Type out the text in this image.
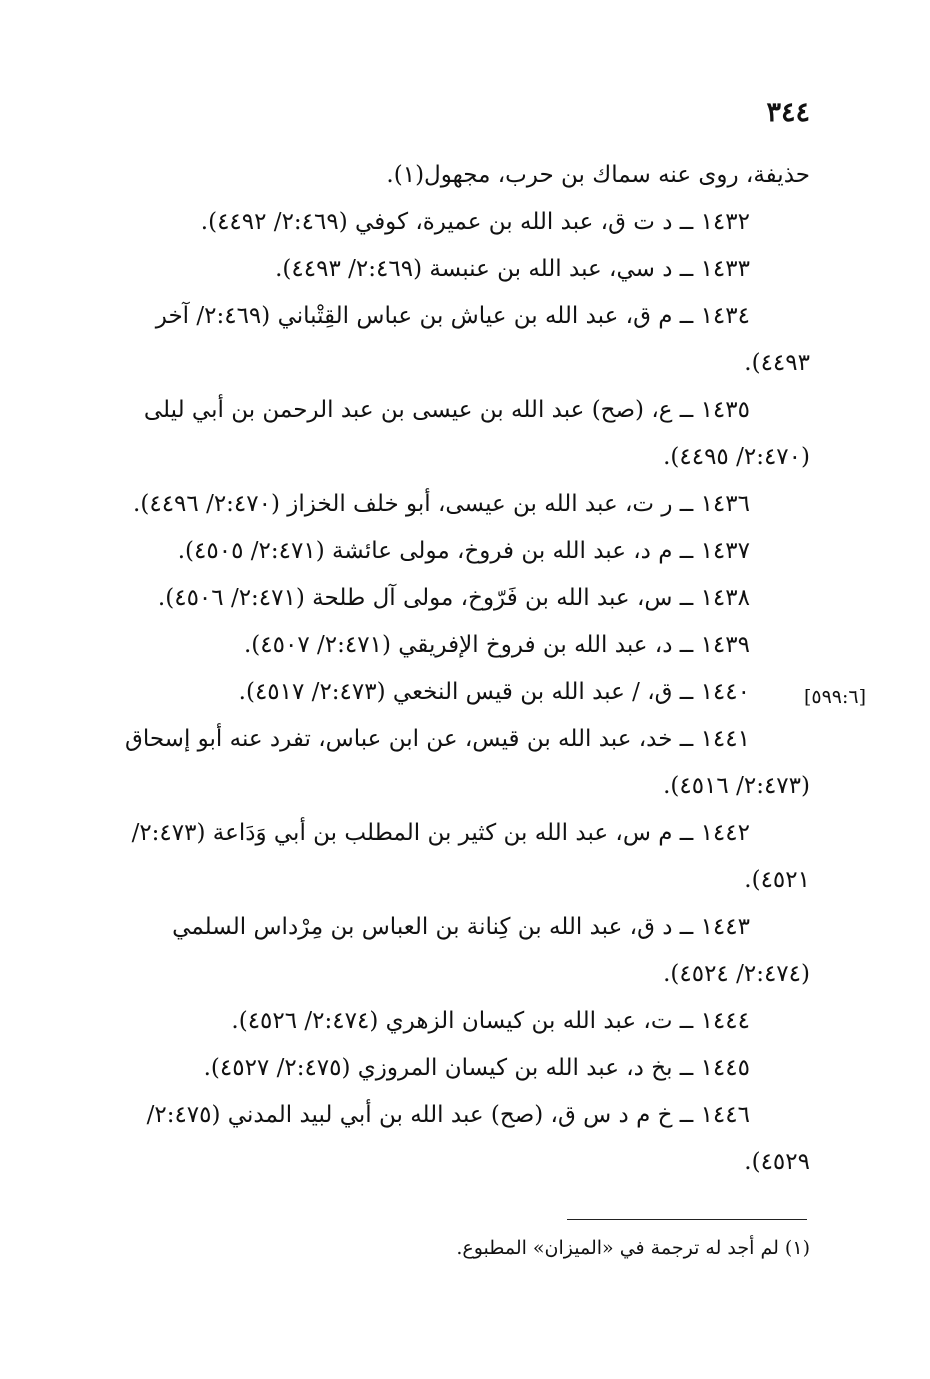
٣٤٤
حذيفة، روى عنه سماك بن حرب، مجهول(١).
١٤٣٢ ــ د ت ق، عبد الله بن عميرة، كوفي (٢:٤٦٩/ ٤٤٩٢).
١٤٣٣ ــ د سي، عبد الله بن عنبسة (٢:٤٦٩/ ٤٤٩٣).
١٤٣٤ ــ م ق، عبد الله بن عياش بن عباس القِتْباني (٢:٤٦٩/ آخر
٤٤٩٣).
١٤٣٥ ــ ع، (صح) عبد الله بن عيسى بن عبد الرحمن بن أبي ليلى
(٢:٤٧٠/ ٤٤٩٥).
١٤٣٦ ــ ر ت، عبد الله بن عيسى، أبو خلف الخزاز (٢:٤٧٠/ ٤٤٩٦).
١٤٣٧ ــ م د، عبد الله بن فروخ، مولى عائشة (٢:٤٧١/ ٤٥٠٥).
١٤٣٨ ــ س، عبد الله بن فَرّوخ، مولى آل طلحة (٢:٤٧١/ ٤٥٠٦).
١٤٣٩ ــ د، عبد الله بن فروخ الإفريقي (٢:٤٧١/ ٤٥٠٧).
١٤٤٠ ــ ق، / عبد الله بن قيس النخعي (٢:٤٧٣/ ٤٥١٧).
١٤٤١ ــ خد، عبد الله بن قيس، عن ابن عباس، تفرد عنه أبو إسحاق
(٢:٤٧٣/ ٤٥١٦).
١٤٤٢ ــ م س، عبد الله بن كثير بن المطلب بن أبي وَدَاعة (٢:٤٧٣/
٤٥٢١).
١٤٤٣ ــ د ق، عبد الله بن كِنانة بن العباس بن مِرْداس السلمي
(٢:٤٧٤/ ٤٥٢٤).
١٤٤٤ ــ ت، عبد الله بن كيسان الزهري (٢:٤٧٤/ ٤٥٢٦).
١٤٤٥ ــ بخ د، عبد الله بن كيسان المروزي (٢:٤٧٥/ ٤٥٢٧).
١٤٤٦ ــ خ م د س ق، (صح) عبد الله بن أبي لبيد المدني (٢:٤٧٥/
٤٥٢٩).
[٥٩٩:٦]
(١) لم أجد له ترجمة في «الميزان» المطبوع.
